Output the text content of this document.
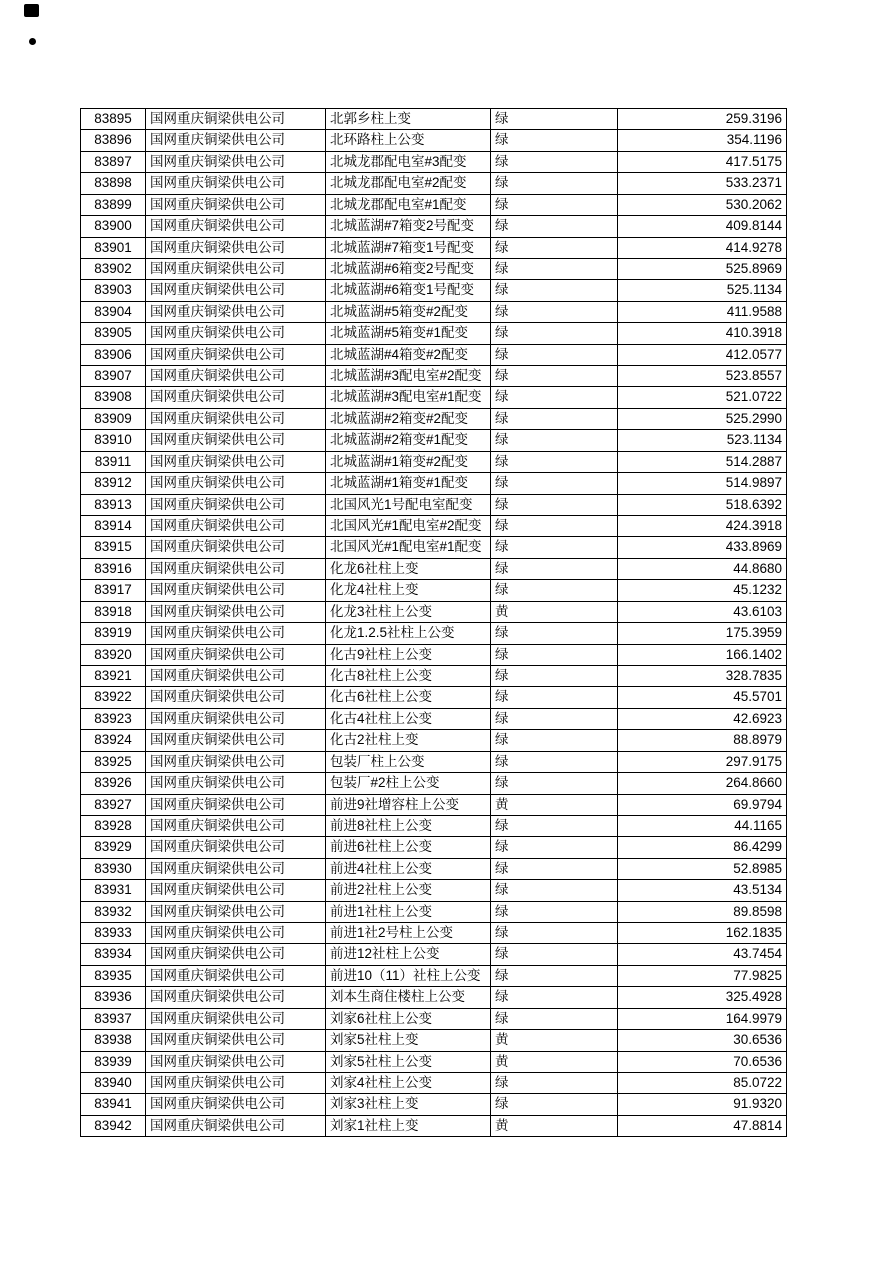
83895	国网重庆铜梁供电公司	北郭乡柱上变	绿	259.3196
83896	国网重庆铜梁供电公司	北环路柱上公变	绿	354.1196
83897	国网重庆铜梁供电公司	北城龙郡配电室#3配变	绿	417.5175
83898	国网重庆铜梁供电公司	北城龙郡配电室#2配变	绿	533.2371
83899	国网重庆铜梁供电公司	北城龙郡配电室#1配变	绿	530.2062
83900	国网重庆铜梁供电公司	北城蓝湖#7箱变2号配变	绿	409.8144
83901	国网重庆铜梁供电公司	北城蓝湖#7箱变1号配变	绿	414.9278
83902	国网重庆铜梁供电公司	北城蓝湖#6箱变2号配变	绿	525.8969
83903	国网重庆铜梁供电公司	北城蓝湖#6箱变1号配变	绿	525.1134
83904	国网重庆铜梁供电公司	北城蓝湖#5箱变#2配变	绿	411.9588
83905	国网重庆铜梁供电公司	北城蓝湖#5箱变#1配变	绿	410.3918
83906	国网重庆铜梁供电公司	北城蓝湖#4箱变#2配变	绿	412.0577
83907	国网重庆铜梁供电公司	北城蓝湖#3配电室#2配变	绿	523.8557
83908	国网重庆铜梁供电公司	北城蓝湖#3配电室#1配变	绿	521.0722
83909	国网重庆铜梁供电公司	北城蓝湖#2箱变#2配变	绿	525.2990
83910	国网重庆铜梁供电公司	北城蓝湖#2箱变#1配变	绿	523.1134
83911	国网重庆铜梁供电公司	北城蓝湖#1箱变#2配变	绿	514.2887
83912	国网重庆铜梁供电公司	北城蓝湖#1箱变#1配变	绿	514.9897
83913	国网重庆铜梁供电公司	北国风光1号配电室配变	绿	518.6392
83914	国网重庆铜梁供电公司	北国风光#1配电室#2配变	绿	424.3918
83915	国网重庆铜梁供电公司	北国风光#1配电室#1配变	绿	433.8969
83916	国网重庆铜梁供电公司	化龙6社柱上变	绿	44.8680
83917	国网重庆铜梁供电公司	化龙4社柱上变	绿	45.1232
83918	国网重庆铜梁供电公司	化龙3社柱上公变	黄	43.6103
83919	国网重庆铜梁供电公司	化龙1.2.5社柱上公变	绿	175.3959
83920	国网重庆铜梁供电公司	化古9社柱上公变	绿	166.1402
83921	国网重庆铜梁供电公司	化古8社柱上公变	绿	328.7835
83922	国网重庆铜梁供电公司	化古6社柱上公变	绿	45.5701
83923	国网重庆铜梁供电公司	化古4社柱上公变	绿	42.6923
83924	国网重庆铜梁供电公司	化古2社柱上变	绿	88.8979
83925	国网重庆铜梁供电公司	包装厂柱上公变	绿	297.9175
83926	国网重庆铜梁供电公司	包装厂#2柱上公变	绿	264.8660
83927	国网重庆铜梁供电公司	前进9社增容柱上公变	黄	69.9794
83928	国网重庆铜梁供电公司	前进8社柱上公变	绿	44.1165
83929	国网重庆铜梁供电公司	前进6社柱上公变	绿	86.4299
83930	国网重庆铜梁供电公司	前进4社柱上公变	绿	52.8985
83931	国网重庆铜梁供电公司	前进2社柱上公变	绿	43.5134
83932	国网重庆铜梁供电公司	前进1社柱上公变	绿	89.8598
83933	国网重庆铜梁供电公司	前进1社2号柱上公变	绿	162.1835
83934	国网重庆铜梁供电公司	前进12社柱上公变	绿	43.7454
83935	国网重庆铜梁供电公司	前进10（11）社柱上公变	绿	77.9825
83936	国网重庆铜梁供电公司	刘本生商住楼柱上公变	绿	325.4928
83937	国网重庆铜梁供电公司	刘家6社柱上公变	绿	164.9979
83938	国网重庆铜梁供电公司	刘家5社柱上变	黄	30.6536
83939	国网重庆铜梁供电公司	刘家5社柱上公变	黄	70.6536
83940	国网重庆铜梁供电公司	刘家4社柱上公变	绿	85.0722
83941	国网重庆铜梁供电公司	刘家3社柱上变	绿	91.9320
83942	国网重庆铜梁供电公司	刘家1社柱上变	黄	47.8814
